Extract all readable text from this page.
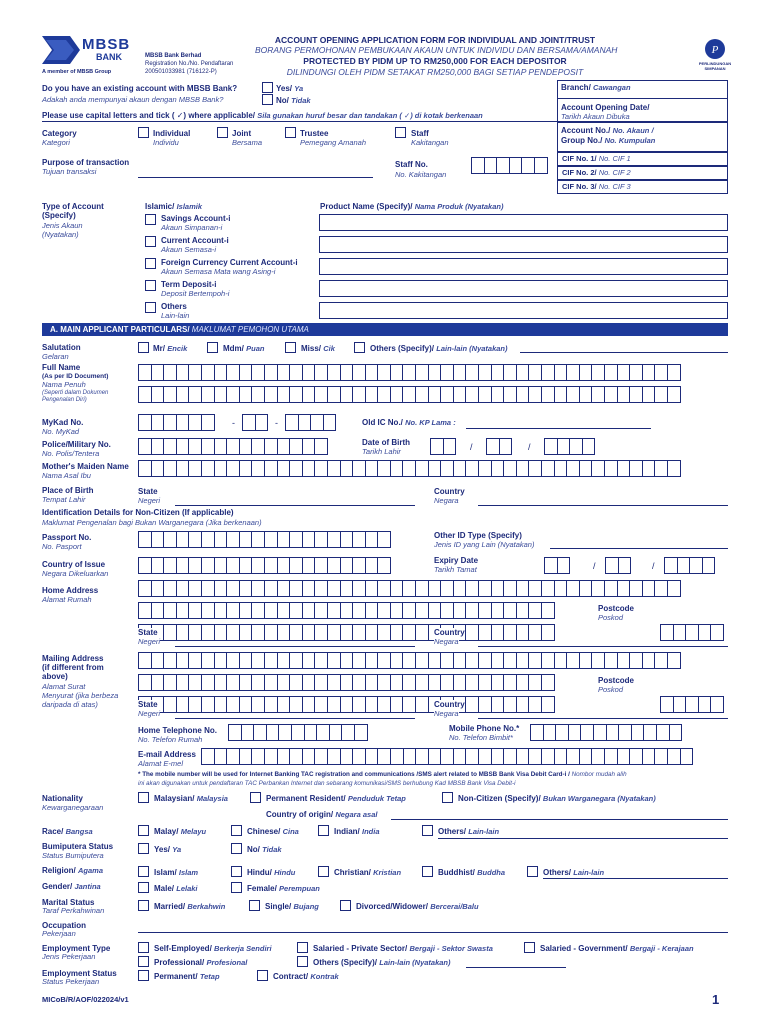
MBSB
BANK
A member of MBSB Group
MBSB Bank Berhad
Registration No./No. Pendaftaran
200501033981 (716122-P)
ACCOUNT OPENING APPLICATION FORM FOR INDIVIDUAL AND JOINT/TRUST
BORANG PERMOHONAN PEMBUKAAN AKAUN UNTUK INDIVIDU DAN BERSAMA/AMANAH
PROTECTED BY PIDM UP TO RM250,000 FOR EACH DEPOSITOR
DILINDUNGI OLEH PIDM SETAKAT RM250,000 BAGI SETIAP PENDEPOSIT
P
PERLINDUNGAN
SIMPANAN
Branch/ Cawangan
Account Opening Date/
Tarikh Akaun Dibuka
Account No./ No. Akaun /
Group No./ No. Kumpulan
CIF No. 1/ No. CIF 1
CIF No. 2/ No. CIF 2
CIF No. 3/ No. CIF 3
Do you have an existing account with MBSB Bank?
Adakah anda mempunyai akaun dengan MBSB Bank?
Yes/ Ya
No/ Tidak
Please use capital letters and tick ( ✓) where applicable/ Sila gunakan huruf besar dan tandakan ( ✓) di kotak berkenaan
Category
Kategori
Individual
Individu
Joint
Bersama
Trustee
Pemegang Amanah
Staff
Kakitangan
Staff No.
No. Kakitangan
Purpose of transaction
Tujuan transaksi
Type of Account
(Specify)
Jenis Akaun
(Nyatakan)
Islamic/ Islamik	Product Name (Specify)/ Nama Produk (Nyatakan)
Savings Account-i
Akaun Simpanan-i
Current Account-i
Akaun Semasa-i
Foreign Currency Current Account-i
Akaun Semasa Mata wang Asing-i
Term Deposit-i
Deposit Bertempoh-i
Others
Lain-lain
A. MAIN APPLICANT PARTICULARS/ MAKLUMAT PEMOHON UTAMA
Salutation
Gelaran
Mr/ Encik	Mdm/ Puan	Miss/ Cik	Others (Specify)/ Lain-lain (Nyatakan)
Full Name
(As per ID Document)
Nama Penuh
(Seperti dalam Dokumen
Pengenalan Diri)
MyKad No.
No. MyKad
-	-	Old IC No./ No. KP Lama :
Police/Military No.
No. Polis/Tentera
Date of Birth
Tarikh Lahir	/	/
Mother's Maiden Name
Nama Asal Ibu
Place of Birth
Tempat Lahir
State
Negeri
Country
Negara
Identification Details for Non-Citizen (If applicable)
Maklumat Pengenalan bagi Bukan Warganegara (Jika berkenaan)
Passport No.
No. Pasport
Other ID Type (Specify)
Jenis ID yang Lain (Nyatakan)
Country of Issue
Negara Dikeluarkan
Expiry Date
Tarikh Tamat	/	/
Home Address
Alamat Rumah
Postcode
Poskod
State
Negeri
Country
Negara
Mailing Address
(if different from
above)
Alamat Surat
Menyurat (jika berbeza
daripada di atas)
Postcode
Poskod
State
Negeri
Country
Negara
Home Telephone No.
No. Telefon Rumah
Mobile Phone No.*
No. Telefon Bimbit*
E-mail Address
Alamat E-mel
* The mobile number will be used for Internet Banking TAC registration and communications /SMS alert related to MBSB Bank Visa Debit Card-i / Nombor mudah alih
ini akan digunakan untuk pendaftaran TAC Perbankan Internet dan sebarang komunikasi/SMS berhubung Kad MBSB Bank Visa Debit-i
Nationality
Kewarganegaraan
Malaysian/ Malaysia	Permanent Resident/ Penduduk Tetap	Non-Citizen (Specify)/ Bukan Warganegara (Nyatakan)
Country of origin/ Negara asal
Race/ Bangsa	Malay/ Melayu	Chinese/ Cina	Indian/ India	Others/ Lain-lain
Bumiputera Status
Status Bumiputera
Yes/ Ya	No/ Tidak
Religion/ Agama	Islam/ Islam	Hindu/ Hindu	Christian/ Kristian	Buddhist/ Buddha	Others/ Lain-lain
Gender/ Jantina	Male/ Lelaki	Female/ Perempuan
Marital Status
Taraf Perkahwinan	Married/ Berkahwin	Single/ Bujang	Divorced/Widower/ Bercerai/Balu
Occupation
Pekerjaan
Employment Type
Jenis Pekerjaan
Self-Employed/ Berkerja Sendiri	Salaried - Private Sector/ Bergaji - Sektor Swasta	Salaried - Government/ Bergaji - Kerajaan
Professional/ Profesional	Others (Specify)/ Lain-lain (Nyatakan)
Employment Status
Status Pekerjaan
Permanent/ Tetap	Contract/ Kontrak
MICoB/R/AOF/022024/v1	1
